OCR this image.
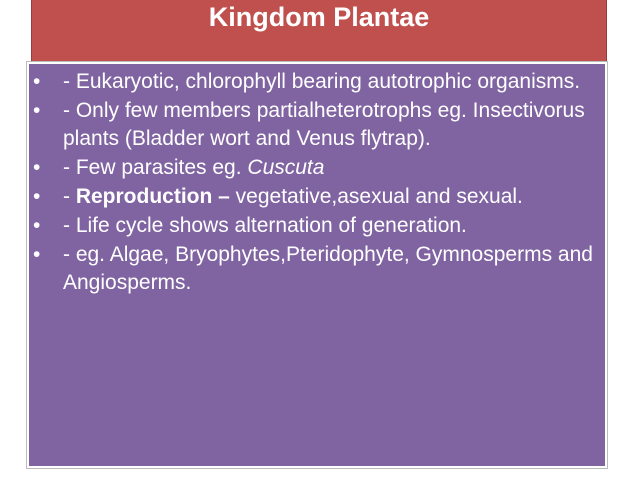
Kingdom Plantae
• - Eukaryotic, chlorophyll bearing autotrophic organisms.
• - Only few members partialheterotrophs eg. Insectivorus plants (Bladder wort and Venus flytrap).
• - Few parasites eg. Cuscuta
• - Reproduction – vegetative,asexual and sexual.
• - Life cycle shows alternation of generation.
• - eg. Algae, Bryophytes,Pteridophyte, Gymnosperms and Angiosperms.
